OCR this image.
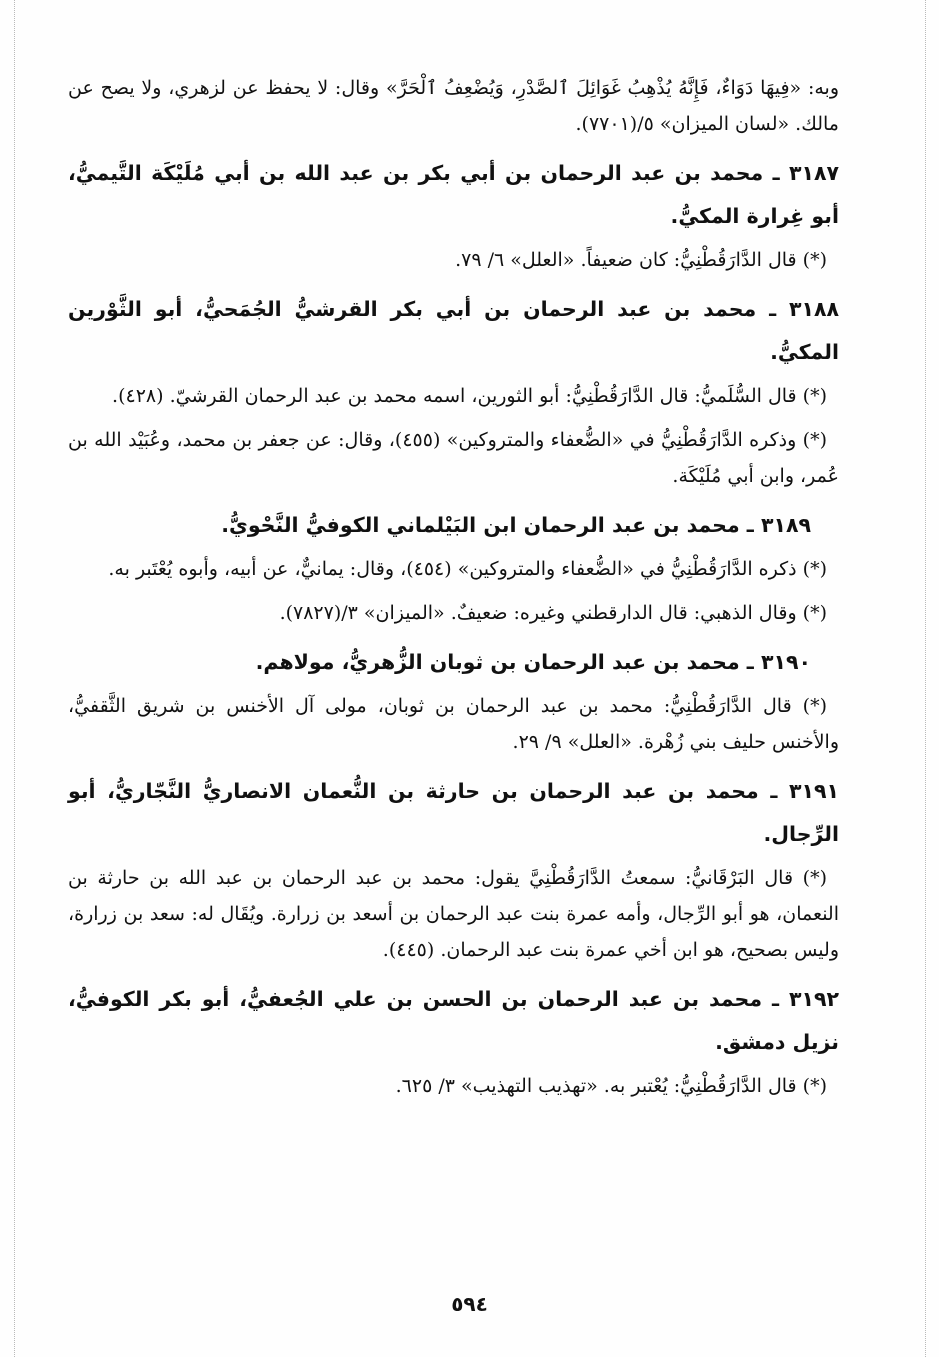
وبه: «فِيهَا دَوَاءٌ، فَإِنَّهُ يُذْهِبُ غَوَائِلَ ٱلصَّدْرِ، وَيُضْعِفُ ٱلْحَرَّ» وقال: لا يحفظ عن لزهري، ولا يصح عن مالك. «لسان الميزان» ٥/(٧٧٠١).

٣١٨٧ ـ محمد بن عبد الرحمان بن أبي بكر بن عبد الله بن أبي مُلَيْكَة التَّيميُّ، أبو غِرارة المكيُّ.

(*) قال الدَّارَقُطْنِيُّ: كان ضعيفاً. «العلل» ٦/ ٧٩.

٣١٨٨ ـ محمد بن عبد الرحمان بن أبي بكر القرشيُّ الجُمَحيُّ، أبو الثَّوْرين المكيُّ.

(*) قال السُّلَميُّ: قال الدَّارَقُطْنِيُّ: أبو الثورين، اسمه محمد بن عبد الرحمان القرشيّ. (٤٢٨).

(*) وذكره الدَّارَقُطْنِيُّ في «الضُّعفاء والمتروكين» (٤٥٥)، وقال: عن جعفر بن محمد، وعُبَيْد الله بن عُمر، وابن أبي مُلَيْكَة.

٣١٨٩ ـ محمد بن عبد الرحمان ابن البَيْلماني الكوفيُّ النَّحْويُّ.

(*) ذكره الدَّارَقُطْنِيُّ في «الضُّعفاء والمتروكين» (٤٥٤)، وقال: يمانيٌّ، عن أبيه، وأبوه يُعْتَبر به.

(*) وقال الذهبي: قال الدارقطني وغيره: ضعيفٌ. «الميزان» ٣/(٧٨٢٧).

٣١٩٠ ـ محمد بن عبد الرحمان بن ثوبان الزُّهريُّ، مولاهم.

(*) قال الدَّارَقُطْنِيُّ: محمد بن عبد الرحمان بن ثوبان، مولى آل الأخنس بن شريق الثَّقفيُّ، والأخنس حليف بني زُهْرة. «العلل» ٩/ ٢٩.

٣١٩١ ـ محمد بن عبد الرحمان بن حارثة بن النُّعمان الانصاريُّ النَّجّاريُّ، أبو الرِّجال.

(*) قال البَرْقَانيُّ: سمعتُ الدَّارَقُطْنِيَّ يقول: محمد بن عبد الرحمان بن عبد الله بن حارثة بن النعمان، هو أبو الرِّجال، وأمه عمرة بنت عبد الرحمان بن أسعد بن زرارة. ويُقَال له: سعد بن زرارة، وليس بصحيح، هو ابن أخي عمرة بنت عبد الرحمان. (٤٤٥).

٣١٩٢ ـ محمد بن عبد الرحمان بن الحسن بن علي الجُعفيُّ، أبو بكر الكوفيُّ، نزيل دمشق.

(*) قال الدَّارَقُطْنِيُّ: يُعْتبر به. «تهذيب التهذيب» ٣/ ٦٢٥.

٥٩٤
